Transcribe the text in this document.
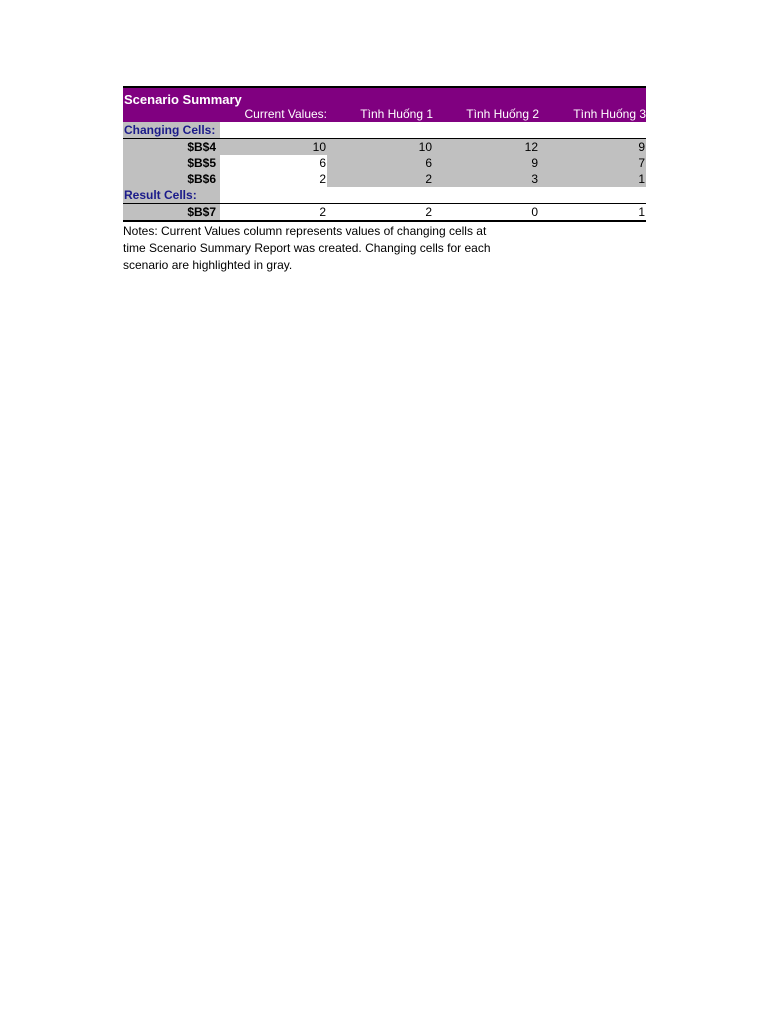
Scenario Summary				
	Current Values:	Tình Huống 1	Tình Huống 2	Tình Huống 3
Changing Cells:				
$B$4	10	10	12	9
$B$5	6	6	9	7
$B$6	2	2	3	1
Result Cells:				
$B$7	2	2	0	1
Notes: Current Values column represents values of changing cells at
time Scenario Summary Report was created. Changing cells for each
scenario are highlighted in gray.
